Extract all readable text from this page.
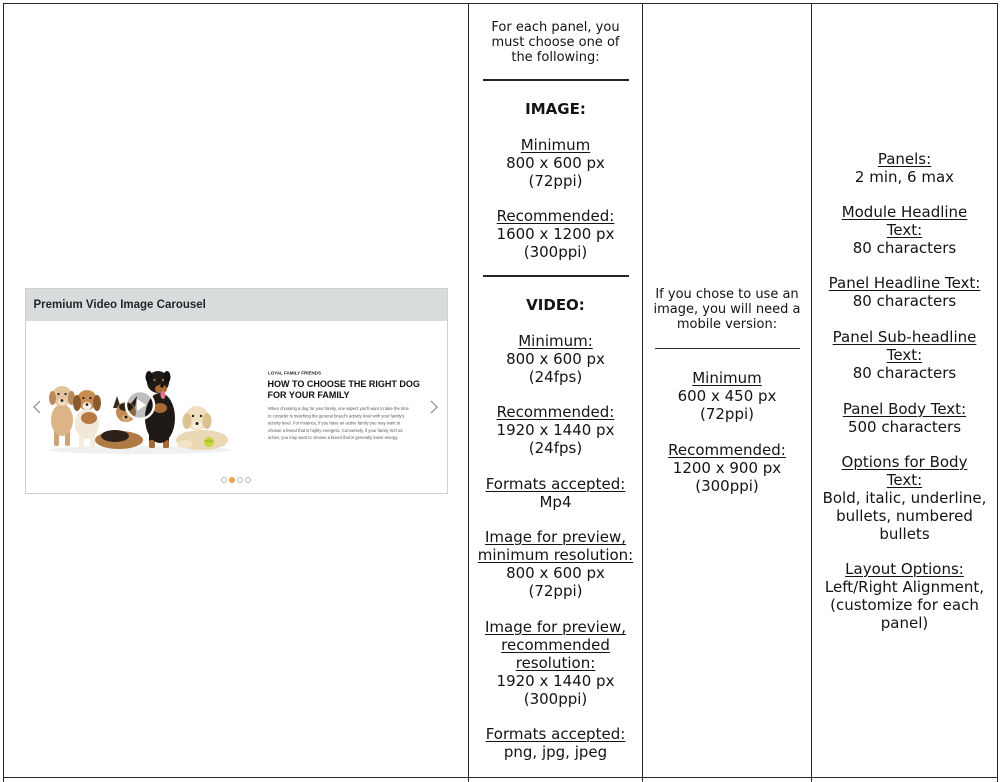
Premium Video Image Carousel
LOYAL FAMILY FRIENDS
HOW TO CHOOSE THE RIGHT DOG
FOR YOUR FAMILY
When choosing a dog for your family, one aspect you'll want to take the time
to consider is matching the general breed's activity level with your family's
activity level. For instance, if you have an active family you may want to
choose a breed that is highly energetic. Conversely, if your family isn't as
active, you may want to choose a breed that is generally lower energy.
For each panel, you
must choose one of
the following:
IMAGE:
Minimum
800 x 600 px
(72ppi)
Recommended:
1600 x 1200 px
(300ppi)
VIDEO:
Minimum:
800 x 600 px
(24fps)
Recommended:
1920 x 1440 px
(24fps)
Formats accepted:
Mp4
Image for preview,
minimum resolution:
800 x 600 px
(72ppi)
Image for preview,
recommended
resolution:
1920 x 1440 px
(300ppi)
Formats accepted:
png, jpg, jpeg
If you chose to use an
image, you will need a
mobile version:
Minimum
600 x 450 px
(72ppi)
Recommended:
1200 x 900 px
(300ppi)
Panels:
2 min, 6 max
Module Headline
Text:
80 characters
Panel Headline Text:
80 characters
Panel Sub-headline
Text:
80 characters
Panel Body Text:
500 characters
Options for Body
Text:
Bold, italic, underline,
bullets, numbered
bullets
Layout Options:
Left/Right Alignment,
(customize for each
panel)
